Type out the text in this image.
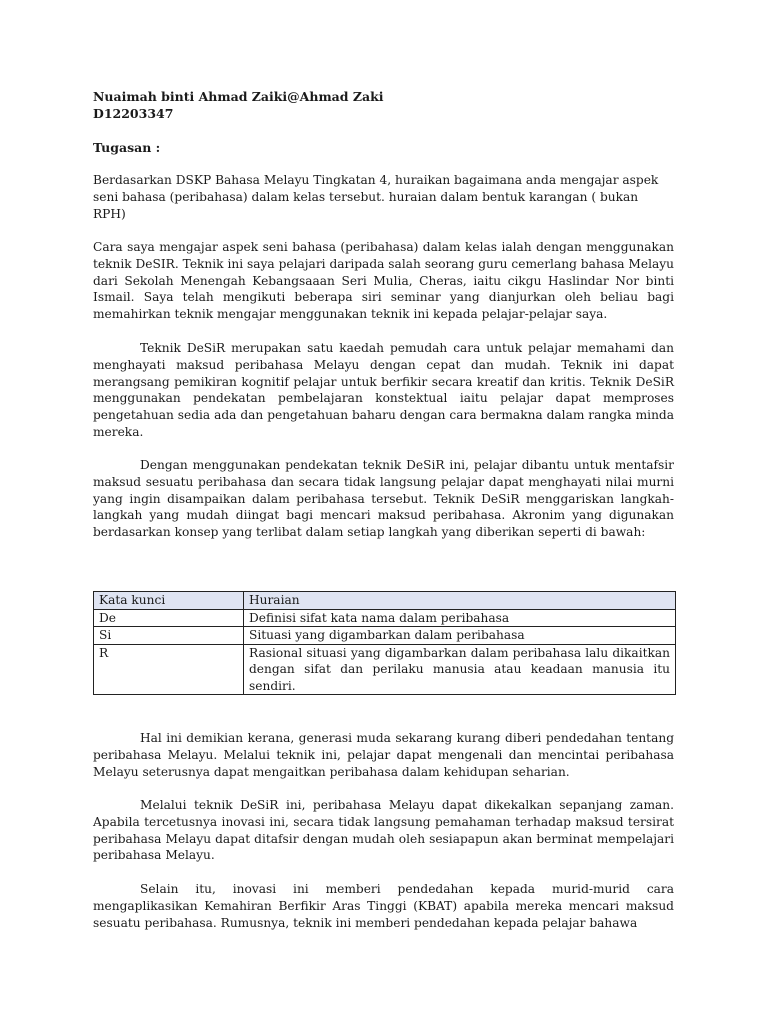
Nuaimah binti Ahmad Zaiki@Ahmad Zaki

D12203347

Tugasan :

Berdasarkan DSKP Bahasa Melayu Tingkatan 4, huraikan bagaimana anda mengajar aspek seni bahasa (peribahasa) dalam kelas tersebut. huraian dalam bentuk karangan ( bukan RPH)

Cara saya mengajar aspek seni bahasa (peribahasa) dalam kelas ialah dengan menggunakan teknik DeSIR. Teknik ini saya pelajari daripada salah seorang guru cemerlang bahasa Melayu dari Sekolah Menengah Kebangsaaan Seri Mulia, Cheras, iaitu cikgu Haslindar Nor binti Ismail. Saya telah mengikuti beberapa siri seminar yang dianjurkan oleh beliau bagi memahirkan teknik mengajar menggunakan teknik ini kepada pelajar-pelajar saya.

Teknik DeSiR merupakan satu kaedah pemudah cara untuk pelajar memahami dan menghayati maksud peribahasa Melayu dengan cepat dan mudah. Teknik ini dapat merangsang pemikiran kognitif pelajar untuk berfikir secara kreatif dan kritis. Teknik DeSiR menggunakan pendekatan pembelajaran konstektual iaitu pelajar dapat memproses pengetahuan sedia ada dan pengetahuan baharu dengan cara bermakna dalam rangka minda mereka.

Dengan menggunakan pendekatan teknik DeSiR ini, pelajar dibantu untuk mentafsir maksud sesuatu peribahasa dan secara tidak langsung pelajar dapat menghayati nilai murni yang ingin disampaikan dalam peribahasa tersebut. Teknik DeSiR menggariskan langkah-langkah yang mudah diingat bagi mencari maksud peribahasa. Akronim yang digunakan berdasarkan konsep yang terlibat dalam setiap langkah yang diberikan seperti di bawah:

Kata kunci	Huraian
De	Definisi sifat kata nama dalam peribahasa
Si	Situasi yang digambarkan dalam peribahasa
R	Rasional situasi yang digambarkan dalam peribahasa lalu dikaitkan dengan sifat dan perilaku manusia atau keadaan manusia itu sendiri.

Hal ini demikian kerana, generasi muda sekarang kurang diberi pendedahan tentang peribahasa Melayu. Melalui teknik ini, pelajar dapat mengenali dan mencintai peribahasa Melayu seterusnya dapat mengaitkan peribahasa dalam kehidupan seharian.

Melalui teknik DeSiR ini, peribahasa Melayu dapat dikekalkan sepanjang zaman. Apabila tercetusnya inovasi ini, secara tidak langsung pemahaman terhadap maksud tersirat peribahasa Melayu dapat ditafsir dengan mudah oleh sesiapapun akan berminat mempelajari peribahasa Melayu.

Selain itu, inovasi ini memberi pendedahan kepada murid-murid cara mengaplikasikan Kemahiran Berfikir Aras Tinggi (KBAT) apabila mereka mencari maksud sesuatu peribahasa. Rumusnya, teknik ini memberi pendedahan kepada pelajar bahawa
